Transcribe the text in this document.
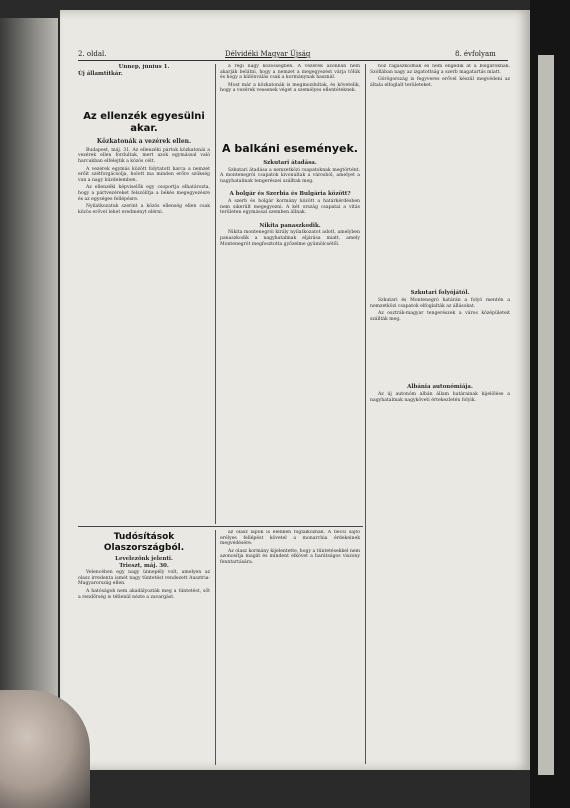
2. oldal.	Délvidéki Magyar Újság	8. évfolyam
Ünnep, június 1.
Új államtitkár.
Az ellenzék egyesülni akar.
Közkatonák a vezérek ellen.

Budapest, máj. 31. Az ellenzéki pártok közkatonái a vezérek ellen fordultak, mert azok egymással való harcukban elfelejtik a közös célt.

A vezérek egymás között folytatott harca a nemzet erőit szétforgácsolja, holott ma minden erőre szükség van a nagy küzdelemben.

Az ellenzéki képviselők egy csoportja elhatározta, hogy a pártvezéreket felszólítja a békés megegyezésre és az egységes fellépésre.

Nyilatkozatuk szerint a közös ellenség ellen csak közös erővel lehet eredményt elérni.

a régi nagy közösségben. A vezérek azonban nem akarják belátni, hogy a nemzet a megegyezést várja tőlük és hogy a különválás csak a kormánynak használ.

Most már a közkatonák is megmozdultak, és követelik, hogy a vezérek vessenek véget a személyes ellentéteknek.

A balkáni események.
Szkutari átadása.

Szkutari átadása a nemzetközi csapatoknak megtörtént. A montenegrói csapatok kivonultak a városból, amelyet a nagyhatalmak tengerészei szálltak meg.

A bolgár és Szerbia és Bulgária között?

A szerb és bolgár kormány között a határkérdésben nem sikerült megegyezni. A két ország csapatai a vitás területen egymással szemben állnak.

Nikita panaszkodik.

Nikita montenegrói király nyilatkozatot adott, amelyben panaszkodik a nagyhatalmak eljárása miatt, amely Montenegrót megfosztotta győzelme gyümölcsétől.

hoz ragaszkodnak és nem engedik át a bolgároknak. Szófiában nagy az izgatottság a szerb magatartás miatt.

Görögország is fegyveres erővel készül megvédeni az általa elfoglalt területeket.

Szkutari folyójától.

Szkutari és Montenegró határán a folyó mentén a nemzetközi csapatok elfoglalták az állásokat.

Az osztrák-magyar tengerészek a város középületeit szállták meg.

Albánia autonómiája.

Az új autonóm albán állam határainak kijelölése a nagyhatalmak nagyköveti értekezletén folyik.

Tudósítások Olaszországból.
Levelezőnk jelenti.
Trieszt, máj. 30.

Velencében egy nagy ünnepély volt, amelyen az olasz irredenta ismét nagy tüntetést rendezett Ausztria-Magyarország ellen.

A hatóságok nem akadályozták meg a tüntetést, sőt a rendőrség is tétlenül nézte a zavargást.

az olasz lapok is élénken foglalkoznak. A bécsi sajtó erélyes fellépést követel a monarchia érdekeinek megvédésére.

Az olasz kormány kijelentette, hogy a tüntetésekkel nem azonosítja magát és mindent elkövet a barátságos viszony fenntartására.
